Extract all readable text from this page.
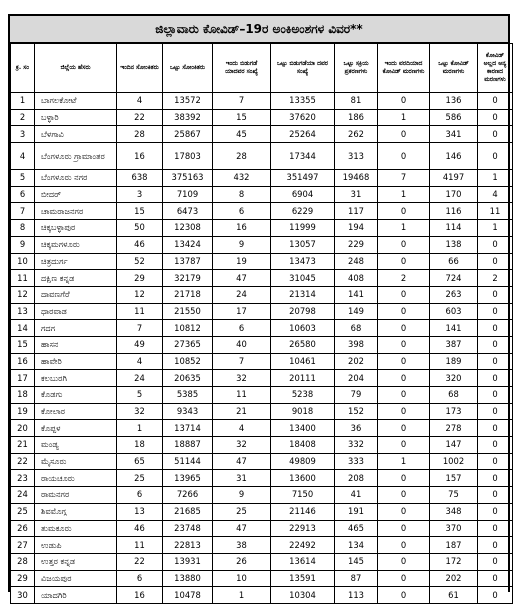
ಜಿಲ್ಲಾವಾರು ಕೋವಿಡ್–19ರ ಅಂಕಿಅಂಶಗಳ ವಿವರ**
ಕ್ರ. ಸಂ	ಜಿಲ್ಲೆಯ ಹೆಸರು	ಇಂದಿನ ಸೋಂಕಿತರು	ಒಟ್ಟು ಸೋಂಕಿತರು	ಇಂದು ಬಿಡುಗಡೆ ಯಾದವರ ಸಂಖ್ಯೆ	ಒಟ್ಟು ಬಿಡುಗಡೆಯಾ ದವರ ಸಂಖ್ಯೆ	ಒಟ್ಟು ಸಕ್ರಿಯ ಪ್ರಕರಣಗಳು	ಇಂದು ವರದಿಯಾದ ಕೋವಿಡ್ ಮರಣಗಳು	ಒಟ್ಟು ಕೋವಿಡ್ ಮರಣಗಳು	ಕೋವಿಡ್ ಅಲ್ಲದ ಅನ್ಯ ಕಾರಣದ ಮರಣಗಳು
1	ಬಾಗಲಕೋಟೆ	4	13572	7	13355	81	0	136	0
2	ಬಳ್ಳಾರಿ	22	38392	15	37620	186	1	586	0
3	ಬೆಳಗಾವಿ	28	25867	45	25264	262	0	341	0
4	ಬೆಂಗಳೂರು ಗ್ರಾಮಾಂತರ	16	17803	28	17344	313	0	146	0
5	ಬೆಂಗಳೂರು ನಗರ	638	375163	432	351497	19468	7	4197	1
6	ಬೀದರ್	3	7109	8	6904	31	1	170	4
7	ಚಾಮರಾಜನಗರ	15	6473	6	6229	117	0	116	11
8	ಚಿಕ್ಕಬಳ್ಳಾಪುರ	50	12308	16	11999	194	1	114	1
9	ಚಿಕ್ಕಮಗಳೂರು	46	13424	9	13057	229	0	138	0
10	ಚಿತ್ರದುರ್ಗ	52	13787	19	13473	248	0	66	0
11	ದಕ್ಷಿಣ ಕನ್ನಡ	29	32179	47	31045	408	2	724	2
12	ದಾವಣಗೆರೆ	12	21718	24	21314	141	0	263	0
13	ಧಾರವಾಡ	11	21550	17	20798	149	0	603	0
14	ಗದಗ	7	10812	6	10603	68	0	141	0
15	ಹಾಸನ	49	27365	40	26580	398	0	387	0
16	ಹಾವೇರಿ	4	10852	7	10461	202	0	189	0
17	ಕಲಬುರಗಿ	24	20635	32	20111	204	0	320	0
18	ಕೊಡಗು	5	5385	11	5238	79	0	68	0
19	ಕೋಲಾರ	32	9343	21	9018	152	0	173	0
20	ಕೊಪ್ಪಳ	1	13714	4	13400	36	0	278	0
21	ಮಂಡ್ಯ	18	18887	32	18408	332	0	147	0
22	ಮೈಸೂರು	65	51144	47	49809	333	1	1002	0
23	ರಾಯಚೂರು	25	13965	31	13600	208	0	157	0
24	ರಾಮನಗರ	6	7266	9	7150	41	0	75	0
25	ಶಿವಮೊಗ್ಗ	13	21685	25	21146	191	0	348	0
26	ತುಮಕೂರು	46	23748	47	22913	465	0	370	0
27	ಉಡುಪಿ	11	22813	38	22492	134	0	187	0
28	ಉತ್ತರ ಕನ್ನಡ	22	13931	26	13614	145	0	172	0
29	ವಿಜಯಪುರ	6	13880	10	13591	87	0	202	0
30	ಯಾದಗಿರಿ	16	10478	1	10304	113	0	61	0
